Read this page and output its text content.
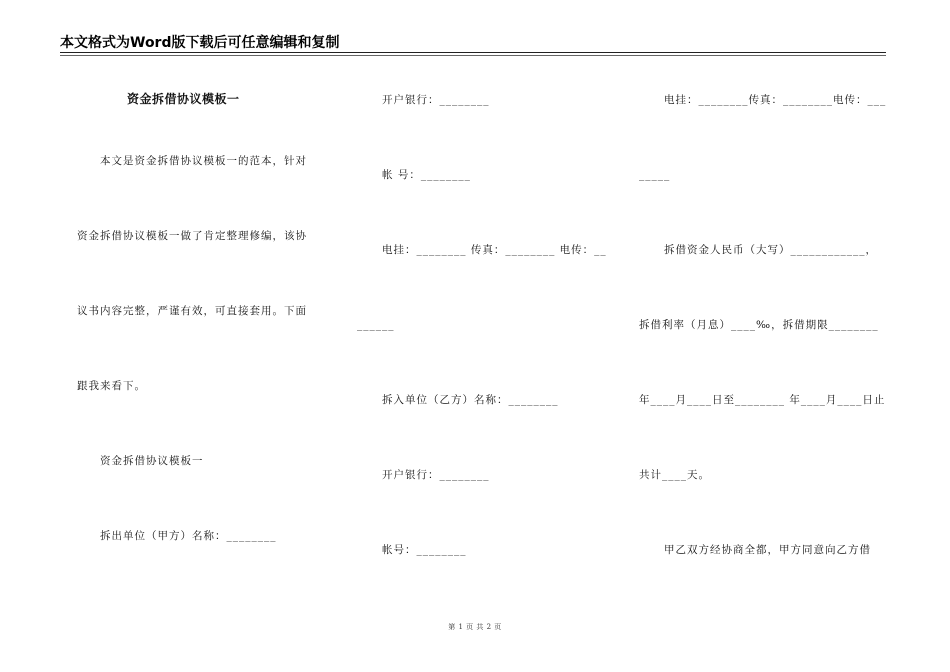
本文格式为Word版下载后可任意编辑和复制
资金拆借协议模板一
本文是资金拆借协议模板一的范本，针对
资金拆借协议模板一做了肯定整理修编，该协
议书内容完整，严谨有效，可直接套用。下面
跟我来看下。
资金拆借协议模板一
拆出单位（甲方）名称：________
开户银行：________
帐 号：________
电挂：________ 传真：________ 电传：__
______
拆入单位（乙方）名称：________
开户银行：________
帐号：________
电挂：________传真：________电传：___
_____
拆借资金人民币（大写）____________，
拆借利率（月息）____‰，拆借期限________
年____月____日至________ 年____月____日止
共计____天。
甲乙双方经协商全都，甲方同意向乙方借
第 1 页 共 2 页
